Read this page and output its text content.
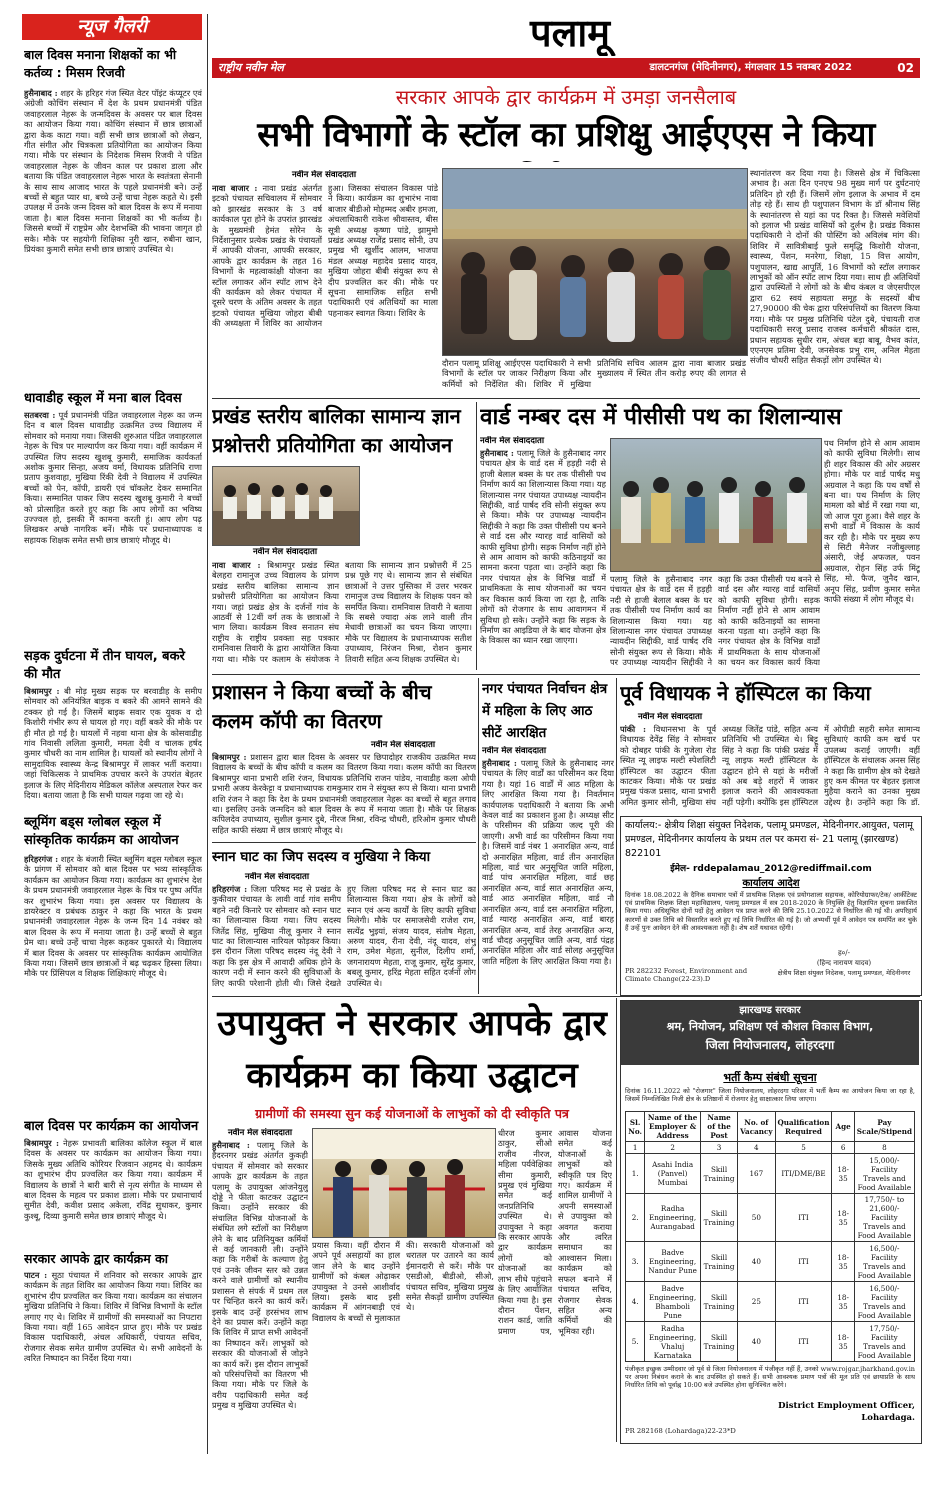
न्यूज गैलरी
बाल दिवस मनाना शिक्षकों का भी कर्तव्य : मिसम रिजवी
हुसैनाबाद : शहर के हरिहर गंज स्थित वेटर पॉइंट कंप्यूटर एवं अंग्रेजी कोचिंग संस्थान में देश के प्रथम प्रधानमंत्री पंडित जवाहरलाल नेहरू के जन्मदिवस के अवसर पर बाल दिवस का आयोजन किया गया। कोचिंग संस्थान में छात्र छात्राओं द्वारा केक काटा गया। वहीं सभी छात्र छात्राओं को लेखन, गीत संगीत और चित्रकला प्रतियोगिता का आयोजन किया गया। मौके पर संस्थान के निदेशक मिसम रिजवी ने पंडित जवाहरलाल नेहरू के जीवन काल पर प्रकाश डाला और बताया कि पंडित जवाहरलाल नेहरू भारत के स्वतंत्रता सेनानी के साथ साथ आजाद भारत के पहले प्रधानमंत्री बने। उन्हें बच्चों से बहुत प्यार था, बच्चे उन्हें चाचा नेहरू कहते थे। इसी उपलक्ष में उनके जन्म दिवस को बाल दिवस के रूप में मनाया जाता है। बाल दिवस मनाना शिक्षकों का भी कर्तव्य है। जिससे बच्चों में राष्ट्रप्रेम और देशभक्ति की भावना जागृत हो सके। मौके पर सहयोगी शिक्षिका नूरी खान, रुबीना खान, प्रियंका कुमारी समेत सभी छात्र छात्राएं उपस्थित थे।
धावाडीह स्कूल में मना बाल दिवस
सतबरवा : पूर्व प्रधानमंत्री पंडित जवाहरलाल नेहरू का जन्म दिन व बाल दिवस धावाडीह उत्क्रमित उच्च विद्यालय में सोमवार को मनाया गया। जिसकी शुरुआत पंडित जवाहरलाल नेहरू के चित्र पर माल्यार्पण कर किया गया। वहीं कार्यक्रम में उपस्थित जिप सदस्य खुशबू कुमारी, समाजिक कार्यकर्ता अशोक कुमार सिन्हा, अजय वर्मा, विधायक प्रतिनिधि राणा प्रताप कुशवाहा, मुखिया रिंकी देवी ने विद्यालय में उपस्थित बच्चों को पेन, कॉपी, डायरी एवं चॉकलेट देकर सम्मानित किया। सम्मानित पाकर जिप सदस्य खुशबू कुमारी ने बच्चों को प्रोत्साहित करते हुए कहा कि आप लोगों का भविष्य उज्ज्वल हो, इसकी मैं कामना करती हूं। आप लोग पढ़ लिखकर अच्छे नागरिक बनें। मौके पर प्रधानाध्यापक व सहायक शिक्षक समेत सभी छात्र छात्राएं मौजूद थे।
सड़क दुर्घटना में तीन घायल, बकरे की मौत
बिश्रामपुर : बी मोड़ मुख्य सड़क पर बरवाडीह के समीप सोमवार को अनियंत्रित बाइक व बकरे की आमने सामने की टक्कर हो गई है। जिसमें बाइक सवार एक युवक व दो किशोरी गंभीर रूप से घायल हो गए। वहीं बकरे की मौके पर ही मौत हो गई है। घायलों में नहवा थाना क्षेत्र के कोसवाडीह गांव निवासी ललिता कुमारी, ममता देवी व चालक हर्षद कुमार चौधरी का नाम शामिल है। घायलों को स्थानीय लोगों ने सामुदायिक स्वास्थ्य केन्द्र बिश्रामपुर में लाकर भर्ती कराया। जहां चिकित्सक ने प्राथमिक उपचार करने के उपरांत बेहतर इलाज के लिए मेदिनीराय मेडिकल कॉलेज अस्पताल रेफर कर दिया। बताया जाता है कि सभी घायल गढ़वा जा रहे थे।
ब्लूमिंग बड्स ग्लोबल स्कूल में सांस्कृतिक कार्यक्रम का आयोजन
हरिहरगंज : शहर के बंजारी स्थित ब्लूमिंग बड्स ग्लोबल स्कूल के प्रांगण में सोमवार को बाल दिवस पर भव्य सांस्कृतिक कार्यक्रम का आयोजन किया गया। कार्यक्रम का शुभारंभ देश के प्रथम प्रधानमंत्री जवाहरलाल नेहरू के चित्र पर पुष्प अर्पित कर शुभारंभ किया गया। इस अवसर पर विद्यालय के डायरेक्टर व प्रबंधक ठाकुर ने कहा कि भारत के प्रथम प्रधानमंत्री जवाहरलाल नेहरू के जन्म दिन 14 नवंबर को बाल दिवस के रूप में मनाया जाता है। उन्हें बच्चों से बहुत प्रेम था। बच्चे उन्हें चाचा नेहरू कहकर पुकारते थे। विद्यालय में बाल दिवस के अवसर पर सांस्कृतिक कार्यक्रम आयोजित किया गया। जिसमें छात्र छात्राओं ने बढ़ चढ़कर हिस्सा लिया। मौके पर प्रिंसिपल व शिक्षक शिक्षिकाएं मौजूद थे।
बाल दिवस पर कार्यक्रम का आयोजन
बिश्रामपुर : नेहरू प्रभावती बालिका कॉलेज स्कूल में बाल दिवस के अवसर पर कार्यक्रम का आयोजन किया गया। जिसके मुख्य अतिथि कोरियर रिजवान अहमद थे। कार्यक्रम का शुभारंभ दीप प्रज्वलित कर किया गया। कार्यक्रम में विद्यालय के छात्रों ने बारी बारी से नृत्य संगीत के माध्यम से बाल दिवस के महत्व पर प्रकाश डाला। मौके पर प्रधानाचार्य सुमीत देवी, कवीश प्रसाद अकेला, रविंद्र सुधाकर, कुमार कुश्बू, दिव्या कुमारी समेत छात्र छात्राएं मौजूद थे।
सरकार आपके द्वार कार्यक्रम का
पाटन : सूठा पंचायत में शनिवार को सरकार आपके द्वार कार्यक्रम के तहत शिविर का आयोजन किया गया। शिविर का शुभारंभ दीप प्रज्वलित कर किया गया। कार्यक्रम का संचालन मुखिया प्रतिनिधि ने किया। शिविर में विभिन्न विभागों के स्टॉल लगाए गए थे। शिविर में ग्रामीणों की समस्याओं का निपटारा किया गया। वहीं 165 आवेदन प्राप्त हुए। मौके पर प्रखंड विकास पदाधिकारी, अंचल अधिकारी, पंचायत सचिव, रोजगार सेवक समेत ग्रामीण उपस्थित थे। सभी आवेदनों के त्वरित निष्पादन का निर्देश दिया गया।
पलामू
राष्ट्रीय नवीन मेल	डालटनगंज (मेदिनीनगर), मंगलवार 15 नवम्बर 2022	02
सरकार आपके द्वार कार्यक्रम में उमड़ा जनसैलाब
सभी विभागों के स्टॉल का प्रशिक्षु आईएएस ने किया
नवीन मेल संवाददाता
नावा बाजार : नावा प्रखंड अंतर्गत इटको पंचायत सचिवालय में सोमवार को झारखंड सरकार के 3 वर्ष कार्यकाल पूरा होने के उपरांत झारखंड के मुख्यमंत्री हेमंत सोरेन के निर्देशानुसार प्रत्येक प्रखंड के पंचायतों में आपकी योजना, आपकी सरकार, आपके द्वार कार्यक्रम के तहत 16 विभागों के महत्वाकांक्षी योजना का स्टॉल लगाकर ऑन स्पॉट लाभ देने की कार्यक्रम को लेकर पंचायत में दूसरे चरण के अंतिम अवसर के तहत इटको पंचायत मुखिया जोहरा बीबी की अध्यक्षता में शिविर का आयोजन हुआ। जिसका संचालन विकास पांडे ने किया। कार्यक्रम का शुभारंभ नावा बाजार बीडीओ मोहम्मद अबीर हमजा, अंचलाधिकारी राकेश श्रीवास्तव, बीस सूत्री अध्यक्ष कृष्णा पांडे, झामुमो प्रखंड अध्यक्ष राजेंद्र प्रसाद सोनी, उप प्रमुख भी खुर्शीद आलम, भाजपा मंडल अध्यक्ष महादेव प्रसाद यादव, मुखिया जोहरा बीबी संयुक्त रूप से दीप प्रज्वलित कर की। मौके पर सूचना सामाजिक सहित सभी पदाधिकारी एवं अतिथियों का माला पहनाकर स्वागत किया। शिविर के
दौरान पलामू प्रशिक्षु आईएएस पदाधिकारी ने सभी विभागों के स्टॉल पर जाकर निरीक्षण किया और कर्मियों को निर्देशित की। शिविर में मुखिया प्रतिनिधि सचिव आलम द्वारा नावा बाजार प्रखंड मुख्यालय में स्थित तीन करोड़ रुपए की लागत से
स्थानांतरण कर दिया गया है। जिससे क्षेत्र में चिकित्सा अभाव है। अतः दिन एनएच 98 मुख्य मार्ग पर दुर्घटनाएं प्रतिदिन हो रही हैं। जिसमें लोग इलाज के अभाव में दम तोड़ रहे हैं। साथ ही पशुपालन विभाग के डॉ श्रीनाथ सिंह के स्थानांतरण से यहां का पद रिक्त है। जिससे मवेशियों को इलाज भी प्रखंड वासियों को दुर्लभ है। प्रखंड विकास पदाधिकारी ने दोनों की पोस्टिंग को अविलंब मांग की। शिविर में सावित्रीबाई फुले समृद्धि किशोरी योजना, स्वास्थ्य, पेंशन, मनरेगा, शिक्षा, 15 वित्त आयोग, पशुपालन, खाद्य आपूर्ति, 16 विभागों को स्टॉल लगाकर लाभुकों को ऑन स्पॉट लाभ दिया गया। साथ ही अतिथियों द्वारा उपस्थितों ने लोगों को के बीच कंबल व जेएसपीएल द्वारा 62 स्वयं सहायता समूह के सदस्यों बीच 27,90000 की चेक द्वारा परिसंपत्तियों का वितरण किया गया। मौके पर प्रमुख प्रतिनिधि पंटेल दुबे, पंचायती राज पदाधिकारी सरजू प्रसाद राजस्व कर्मचारी श्रीकांत दास, प्रधान सहायक सुधीर राम, अंचल बड़ा बाबू, वैभव कांत, एएनएम प्रतिमा देवी, जनसेवक प्रभु राम, अनिल मेहता संजीव चौधरी सहित सैकड़ों लोग उपस्थित थे।
प्रखंड स्तरीय बालिका सामान्य ज्ञान प्रश्नोत्तरी प्रतियोगिता का आयोजन
नवीन मेल संवाददाता
नावा बाजार : बिश्रामपुर प्रखंड स्थित बेलहरा रामानुज उच्च विद्यालय के प्रांगण प्रखंड स्तरीय बालिका सामान्य ज्ञान प्रश्नोत्तरी प्रतियोगिता का आयोजन किया गया। जहां प्रखंड क्षेत्र के दर्जनों गांव के आठवीं से 12वीं वर्ग तक के छात्राओं ने भाग लिया। कार्यक्रम विश्व सनातन संघ राष्ट्रीय के राष्ट्रीय प्रवक्ता सह पत्रकार रामनिवास तिवारी के द्वारा आयोजित किया गया था। मौके पर कलाम के संयोजक ने बताया कि सामान्य ज्ञान प्रश्नोत्तरी में 25 प्रश्न पूछे गए थे। सामान्य ज्ञान से संबंधित छात्राओं ने उत्तर पुस्तिका में उत्तर भरकर रामानुज उच्च विद्यालय के शिक्षक पवन को समर्पित किया। रामनिवास तिवारी ने बताया कि सबसे ज्यादा अंक लाने वाली तीन मेधावी छात्राओं का चयन किया जाएगा। मौके पर विद्यालय के प्रधानाध्यापक सतीश उपाध्याय, निरंजन मिश्रा, रोशन कुमार तिवारी सहित अन्य शिक्षक उपस्थित थे।
वार्ड नम्बर दस में पीसीसी पथ का शिलान्यास
नवीन मेल संवाददाता
हुसैनाबाद : पलामू जिले के हुसैनाबाद नगर पंचायत क्षेत्र के वार्ड दस में हड़ही नदी से हाजी बेलाल बक्स के घर तक पीसीसी पथ निर्माण कार्य का शिलान्यास किया गया। यह शिलान्यास नगर पंचायत उपाध्यक्ष न्यायदीन सिद्दीकी, वार्ड पार्षद रवि सोनी संयुक्त रूप से किया। मौके पर उपाध्यक्ष न्यायदीन सिद्दीकी ने कहा कि उक्त पीसीसी पथ बनने से वार्ड दस और ग्यारह वार्ड वासियों को काफी सुविधा होगी। सड़क निर्माण नहीं होने से आम आवाम को काफी कठिनाइयों का सामना करना पड़ता था। उन्होंने कहा कि नगर पंचायत क्षेत्र के विभिन्न वार्डों में प्राथमिकता के साथ योजनाओं का चयन कर विकास कार्य किया जा रहा है, ताकि लोगों को रोजगार के साथ आवागमन में सुविधा हो सके। उन्होंने कहा कि सड़क के निर्माण का आइडिया ले के बाद योजना क्षेत्र के विकास का ध्यान रखा जाएगा।
पलामू जिले के हुसैनाबाद नगर पंचायत क्षेत्र के वार्ड दस में हड़ही नदी से हाजी बेलाल बक्स के घर तक पीसीसी पथ निर्माण कार्य का शिलान्यास किया गया। यह शिलान्यास नगर पंचायत उपाध्यक्ष न्यायदीन सिद्दीकी, वार्ड पार्षद रवि सोनी संयुक्त रूप से किया। मौके पर उपाध्यक्ष न्यायदीन सिद्दीकी ने कहा कि उक्त पीसीसी पथ बनने से वार्ड दस और ग्यारह वार्ड वासियों को काफी सुविधा होगी। सड़क निर्माण नहीं होने से आम आवाम को काफी कठिनाइयों का सामना करना पड़ता था। उन्होंने कहा कि नगर पंचायत क्षेत्र के विभिन्न वार्डों में प्राथमिकता के साथ योजनाओं का चयन कर विकास कार्य किया
पथ निर्माण होने से आम आवाम को काफी सुविधा मिलेगी। साथ ही शहर विकास की ओर अग्रसर होगा। मौके पर वार्ड पार्षद मधु अग्रवाल ने कहा कि पथ वर्षों से बना था। पथ निर्माण के लिए मामला को बोर्ड में रखा गया था, जो आज पूरा हुआ। वैसे शहर के सभी वार्डों में विकास के कार्य कर रही है। मौके पर मुख्य रूप से सिटी मैनेजर नजीबुल्लाह अंसारी, जेई अफजल, पवन अग्रवाल, रोहन सिंह उर्फ मिंटू सिंह, मो. फैज, जुनैद खान, अनूप सिंह, प्रवीण कुमार समेत काफी संख्या में लोग मौजूद थे।
प्रशासन ने किया बच्चों के बीच कलम कॉपी का वितरण
नवीन मेल संवाददाता
बिश्रामपुर : प्रशासन द्वारा बाल दिवस के अवसर पर छिपादोहर राजकीय उत्क्रमित मध्य विद्यालय के बच्चों के बीच कॉपी व कलम का वितरण किया गया। कलम कॉपी का वितरण बिश्रामपुर थाना प्रभारी शशि रंजन, विधायक प्रतिनिधि राजन पांडेय, नावाडीह कला ओपी प्रभारी अजय केरकेट्टा व प्रधानाध्यापक रामकुमार राम ने संयुक्त रूप से किया। थाना प्रभारी शशि रंजन ने कहा कि देश के प्रथम प्रधानमंत्री जवाहरलाल नेहरू का बच्चों से बहुत लगाव था। इसलिए उनके जन्मदिन को बाल दिवस के रूप में मनाया जाता है। मौके पर शिक्षक कपिलदेव उपाध्याय, सुशील कुमार दुबे, नीरज मिश्रा, रविन्द्र चौधरी, हरिओम कुमार चौधरी सहित काफी संख्या में छात्र छात्राएं मौजूद थे।
स्नान घाट का जिप सदस्य व मुखिया ने किया
नवीन मेल संवाददाता
हरिहरगंज : जिला परिषद मद से प्रखंड के कुकीवार पंचायत के लावी वार्ड गांव समीप बहने नदी किनारे पर सोमवार को स्नान घाट का शिलान्यास किया गया। जिप सदस्य जितेंद्र सिंह, मुखिया नीलू कुमार ने स्नान घाट का शिलान्यास नारियल फोड़कर किया। इस दौरान जिला परिषद सदस्य नंदू देवी ने कहा कि इस क्षेत्र में आवादी अधिक होने के कारण नदी में स्नान करने की सुविधाओं के लिए काफी परेशानी होती थी। जिसे देखते हुए जिला परिषद मद से स्नान घाट का शिलान्यास किया गया। क्षेत्र के लोगों को स्नान एवं अन्य कार्यों के लिए काफी सुविधा मिलेगी। मौके पर समाजसेवी राजेश राम, सत्येंद्र भुइयां, संजय यादव, संतोष मेहता, अरुण यादव, रीना देवी, नंदू यादव, शंभु राम, उमेश मेहता, सुनील, दिलीप शर्मा, जगनारायण मेहता, राजू कुमार, सुरेंद्र कुमार, बबलू कुमार, हरिंद्र मेहता सहित दर्जनों लोग उपस्थित थे।
नगर पंचायत निर्वाचन क्षेत्र में महिला के लिए आठ सीटें आरक्षित
नवीन मेल संवाददाता
हुसैनाबाद : पलामू जिले के हुसैनाबाद नगर पंचायत के लिए वार्डों का परिसीमन कर दिया गया है। यहां 16 वार्डों में आठ महिला के लिए आरक्षित किया गया है। निवर्तमान कार्यपालक पदाधिकारी ने बताया कि अभी केवल वार्ड का प्रकाशन हुआ है। अध्यक्ष सीट के परिसीमन की प्रक्रिया जल्द पूरी की जाएगी। अभी वार्ड का परिसीमन किया गया है। जिसमें वार्ड नंबर 1 अनारक्षित अन्य, वार्ड दो अनारक्षित महिला, वार्ड तीन अनारक्षित महिला, वार्ड चार अनुसूचित जाति महिला, वार्ड पांच अनारक्षित महिला, वार्ड छह अनारक्षित अन्य, वार्ड सात अनारक्षित अन्य, वार्ड आठ अनारक्षित महिला, वार्ड नौ अनारक्षित अन्य, वार्ड दस अनारक्षित महिला, वार्ड ग्यारह अनारक्षित अन्य, वार्ड बारह अनारक्षित अन्य, वार्ड तेरह अनारक्षित अन्य, वार्ड चौदह अनुसूचित जाति अन्य, वार्ड पंद्रह अनारक्षित महिला और वार्ड सोलह अनुसूचित जाति महिला के लिए आरक्षित किया गया है।
पूर्व विधायक ने हॉस्पिटल का किया
नवीन मेल संवाददाता
पांकी : विधानसभा के पूर्व विधायक देवेंद्र सिंह ने सोमवार को दोबहर पांकी के गुजेला रोड स्थित न्यू लाइफ मल्टी स्पेशलिटी हॉस्पिटल का उद्घाटन फीता काटकर किया। मौके पर प्रखंड प्रमुख पंकज प्रसाद, थाना प्रभारी अमित कुमार सोनी, मुखिया संघ अध्यक्ष जितेंद्र पांडे, सहित अन्य प्रतिनिधि भी उपस्थित थे। बिट्टू सिंह ने कहा कि पांकी प्रखंड में न्यू लाइफ मल्टी हॉस्पिटल के उद्घाटन होने से यहां के मरीजों को अब बड़े शहरों में जाकर इलाज कराने की आवश्यकता नहीं पड़ेगी। क्योंकि इस हॉस्पिटल में ओपीडी सहरी समेत सामान्य सुविधाएं काफी कम खर्च पर उपलब्ध कराई जाएगी। वहीं हॉस्पिटल के संचालक अनस सिंह ने कहा कि ग्रामीण क्षेत्र को देखते हुए कम कीमत पर बेहतर इलाज मुहैया कराने का उनका मुख्य उद्देश्य है। उन्होंने कहा कि डॉ.
कार्यालय:- क्षेत्रीय शिक्षा संयुक्त निदेशक, पलामू प्रमण्डल, मेदिनीनगर.आयुक्त, पलामू प्रमण्डल, मेदिनीनगर कार्यालय के प्रथम तल पर कमरा सं- 21 पलामू (झारखण्ड) 822101
ईमेल- rddepalamau_2012@rediffmail.com
कार्यालय आदेश
दिनांक 18.08.2022 के दैनिक समाचार पत्रों में प्राथमिक शिक्षक एवं प्रयोगशाला सहायक, कोरियोग्राफर/टेक/ आर्कीटेक्ट एवं प्राथमिक शिक्षक शिक्षा महाविद्यालय, पलामू प्रमण्डल में सत्र 2018-2020 के नियुक्ति हेतु विज्ञापित सूचना प्रकाशित किया गया। अधिसूचित दोनों पदों हेतु आवेदन पत्र प्राप्त करने की तिथि 25.10.2022 से निर्धारित की गई थी। अपरिहार्य कारणों से उक्त तिथि को विस्तारित करते हुए नई तिथि निर्धारित की गई है। जो अभ्यर्थी पूर्व में आवेदन पत्र समर्पित कर चुके हैं उन्हें पुनः आवेदन देने की आवश्यकता नहीं है। शेष शर्तें यथावत रहेंगी।
ह०/-
(हिन्द नारायण यादव)
क्षेत्रीय शिक्षा संयुक्त निदेशक, पलामू प्रमण्डल, मेदिनीनगर
PR 282232 Forest, Environment and Climate Change(22-23).D
उपायुक्त ने सरकार आपके द्वार कार्यक्रम का किया उद्घाटन
ग्रामीणों की समस्या सुन कई योजनाओं के लाभुकों को दी स्वीकृति पत्र
नवीन मेल संवाददाता
हुसैनाबाद : पलामू जिले के हैदरनगर प्रखंड अंतर्गत कुकही पंचायत में सोमवार को सरकार आपके द्वार कार्यक्रम के तहत पलामू के उपायुक्त आंजनेयुलु दोड्डे ने फीता काटकर उद्घाटन किया। उन्होंने सरकार की संचालित विभिन्न योजनाओं के संबंधित लगे स्टॉलों का निरीक्षण लेने के बाद प्रतिनियुक्त कर्मियों से कई जानकारी ली। उन्होंने कहा कि गरीबों के कल्याण हेतु एवं उनके जीवन स्तर को उन्नत करने वाले ग्रामीणों को स्थानीय प्रशासन से संपर्क में प्रथम तल पर चिन्हित करने का कार्य करें। इसके बाद उन्हें हरसंभव लाभ देने का प्रयास करें। उन्होंने कहा कि शिविर में प्राप्त सभी आवेदनों का निष्पादन करें। लाभुकों को सरकार की योजनाओं से जोड़ने का कार्य करें। इस दौरान लाभुकों को परिसंपत्तियों का वितरण भी किया गया। मौके पर जिले के वरीय पदाधिकारी समेत कई प्रमुख व मुखिया उपस्थित थे।
प्रयास किया। वहीं दौरान मैं अपने पूर्व असहायों का हाल जान लेने के बाद उन्होंने ग्रामीणों को कंबल ओढ़ाकर उपायुक्त ने उनसे आशीर्वाद लिया। इसके बाद इसी कार्यक्रम में आंगनबाड़ी एवं विद्यालय के बच्चों से मुलाकात की। सरकारी योजनाओं को धरातल पर उतारने का कार्य ईमानदारी से करें। मौके पर एसडीओ, बीडीओ, सीओ, पंचायत सचिव, मुखिया प्रमुख समेत सैकड़ों ग्रामीण उपस्थित थे।
धीरज कुमार ठाकुर, सीओ राजीव नीरज, महिला पर्यवेक्षिका सीमा कुमारी, प्रमुख एवं मुखिया समेत कई जनप्रतिनिधि उपस्थित थे। उपायुक्त ने कहा कि सरकार आपके द्वार कार्यक्रम लोगों को योजनाओं का लाभ सीधे पहुंचाने के लिए आयोजित किया गया है। इस दौरान पेंशन, राशन कार्ड, जाति प्रमाण पत्र, आवास योजना समेत कई योजनाओं के लाभुकों को स्वीकृति पत्र दिए गए। कार्यक्रम में शामिल ग्रामीणों ने अपनी समस्याओं से उपायुक्त को अवगत कराया और त्वरित समाधान का आश्वासन मिला। कार्यक्रम को सफल बनाने में पंचायत सचिव, रोजगार सेवक सहित अन्य कर्मियों की भूमिका रही।
झारखण्ड सरकार
श्रम, नियोजन, प्रशिक्षण एवं कौशल विकास विभाग,
जिला नियोजनालय, लोहरदगा
भर्ती कैम्प संबंधी सूचना
दिनांक 16.11.2022 को "रोजगार" जिला नियोजनालय, लोहरदगा परिसर में भर्ती कैम्प का आयोजन किया जा रहा है, जिसमें निम्नलिखित निजी क्षेत्र के प्रतिष्ठानों में रोजगार हेतु साक्षात्कार लिया जाएगा।
Sl. No.	Name of the Employer & Address	Name of the Post	No. of Vacancy	Qualification Required	Age	Pay Scale/Stipend
1	2	3	4	5	6	8
1.	Asahi India (Panvel) Mumbai	Skill Training	167	ITI/DME/BE	18-35	15,000/- Facility Travels and Food Available
2.	Radha Engineering, Aurangabad	Skill Training	50	ITI	18-35	17,750/- to 21,600/- Facility Travels and Food Available
3.	Badve Engineering, Nandur Pune	Skill Training	40	ITI	18-35	16,500/- Facility Travels and Food Available
4.	Badve Engineering, Bhamboli Pune	Skill Training	25	ITI	18-35	16,500/- Facility Travels and Food Available
5.	Radha Engineering, Vhaluj Karnataka	Skill Training	40	ITI	18-35	17,750/- Facility Travels and Food Available
पंजीकृत इच्छुक उम्मीदवार जो पूर्व से जिला नियोजनालय में पंजीकृत नहीं हैं, उनको www.rojgar.jharkhand.gov.in पर अपना निबंधन कराने के बाद उपस्थित हो सकते हैं। सभी आवश्यक प्रमाण पत्रों की मूल प्रति एवं छायाप्रति के साथ निर्धारित तिथि को पूर्वाह्न 10:00 बजे उपस्थित होना सुनिश्चित करेंगे।
District Employment Officer,
Lohardaga.
PR 282168 (Lohardaga)22-23*D
